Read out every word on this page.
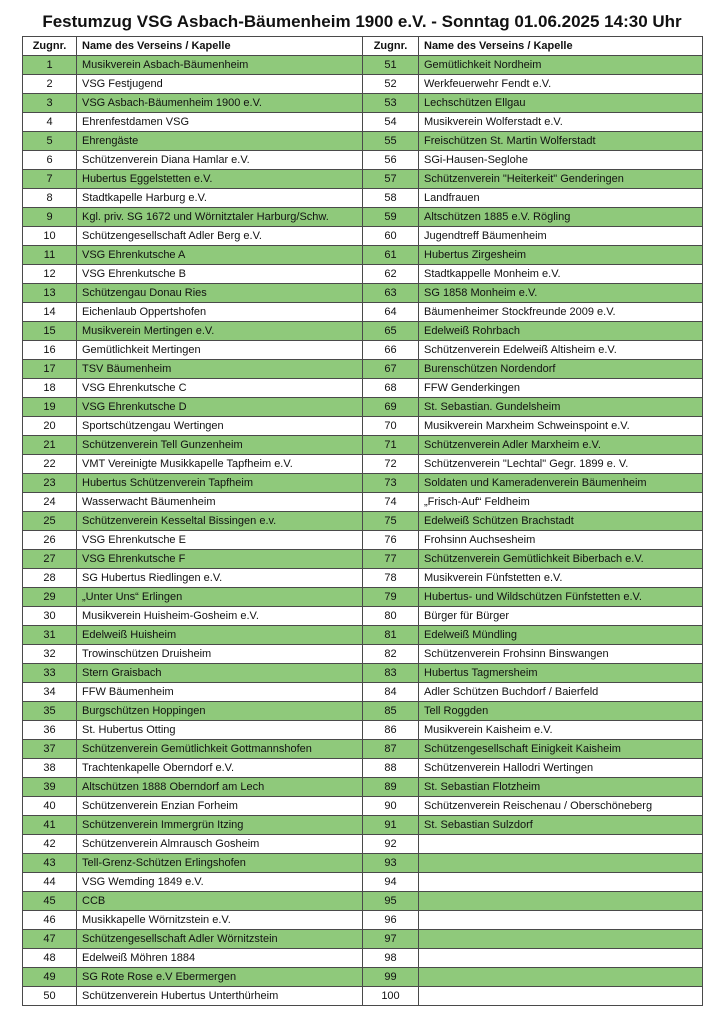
Festumzug VSG Asbach-Bäumenheim 1900 e.V. - Sonntag 01.06.2025 14:30 Uhr
Zugnr.	Name des Verseins / Kapelle	Zugnr.	Name des Verseins / Kapelle
1	Musikverein Asbach-Bäumenheim	51	Gemütlichkeit Nordheim
2	VSG Festjugend	52	Werkfeuerwehr Fendt e.V.
3	VSG Asbach-Bäumenheim 1900 e.V.	53	Lechschützen Ellgau
4	Ehrenfestdamen VSG	54	Musikverein Wolferstadt e.V.
5	Ehrengäste	55	Freischützen St. Martin Wolferstadt
6	Schützenverein Diana Hamlar e.V.	56	SGi-Hausen-Seglohe
7	Hubertus Eggelstetten e.V.	57	Schützenverein "Heiterkeit" Genderingen
8	Stadtkapelle Harburg e.V.	58	Landfrauen
9	Kgl. priv. SG 1672 und Wörnitztaler Harburg/Schw.	59	Altschützen 1885 e.V. Rögling
10	Schützengesellschaft Adler Berg e.V.	60	Jugendtreff Bäumenheim
11	VSG Ehrenkutsche A	61	Hubertus Zirgesheim
12	VSG Ehrenkutsche B	62	Stadtkappelle Monheim e.V.
13	Schützengau Donau Ries	63	SG 1858 Monheim e.V.
14	Eichenlaub Oppertshofen	64	Bäumenheimer Stockfreunde 2009 e.V.
15	Musikverein Mertingen e.V.	65	Edelweiß Rohrbach
16	Gemütlichkeit Mertingen	66	Schützenverein Edelweiß Altisheim e.V.
17	TSV Bäumenheim	67	Burenschützen Nordendorf
18	VSG Ehrenkutsche C	68	FFW Genderkingen
19	VSG Ehrenkutsche D	69	St. Sebastian. Gundelsheim
20	Sportschützengau Wertingen	70	Musikverein Marxheim Schweinspoint e.V.
21	Schützenverein Tell Gunzenheim	71	Schützenverein Adler Marxheim e.V.
22	VMT Vereinigte Musikkapelle Tapfheim e.V.	72	Schützenverein "Lechtal" Gegr. 1899 e. V.
23	Hubertus Schützenverein Tapfheim	73	Soldaten und Kameradenverein Bäumenheim
24	Wasserwacht Bäumenheim	74	„Frisch-Auf“ Feldheim
25	Schützenverein Kesseltal Bissingen e.v.	75	Edelweiß Schützen Brachstadt
26	VSG Ehrenkutsche E	76	Frohsinn Auchsesheim
27	VSG Ehrenkutsche F	77	Schützenverein Gemütlichkeit Biberbach e.V.
28	SG Hubertus Riedlingen e.V.	78	Musikverein Fünfstetten e.V.
29	„Unter Uns“ Erlingen	79	Hubertus- und Wildschützen Fünfstetten e.V.
30	Musikverein Huisheim-Gosheim e.V.	80	Bürger für Bürger
31	Edelweiß Huisheim	81	Edelweiß Mündling
32	Trowinschützen Druisheim	82	Schützenverein Frohsinn Binswangen
33	Stern Graisbach	83	Hubertus Tagmersheim
34	FFW Bäumenheim	84	Adler Schützen Buchdorf / Baierfeld
35	Burgschützen Hoppingen	85	Tell Roggden
36	St. Hubertus Otting	86	Musikverein Kaisheim e.V.
37	Schützenverein Gemütlichkeit Gottmannshofen	87	Schützengesellschaft Einigkeit Kaisheim
38	Trachtenkapelle Oberndorf e.V.	88	Schützenverein Hallodri Wertingen
39	Altschützen 1888 Oberndorf am Lech	89	St. Sebastian Flotzheim
40	Schützenverein Enzian Forheim	90	Schützenverein Reischenau / Oberschöneberg
41	Schützenverein Immergrün Itzing	91	St. Sebastian Sulzdorf
42	Schützenverein Almrausch Gosheim	92	
43	Tell-Grenz-Schützen Erlingshofen	93	
44	VSG Wemding 1849 e.V.	94	
45	CCB	95	
46	Musikkapelle Wörnitzstein e.V.	96	
47	Schützengesellschaft Adler Wörnitzstein	97	
48	Edelweiß Möhren 1884	98	
49	SG Rote Rose e.V Ebermergen	99	
50	Schützenverein Hubertus Unterthürheim	100	
